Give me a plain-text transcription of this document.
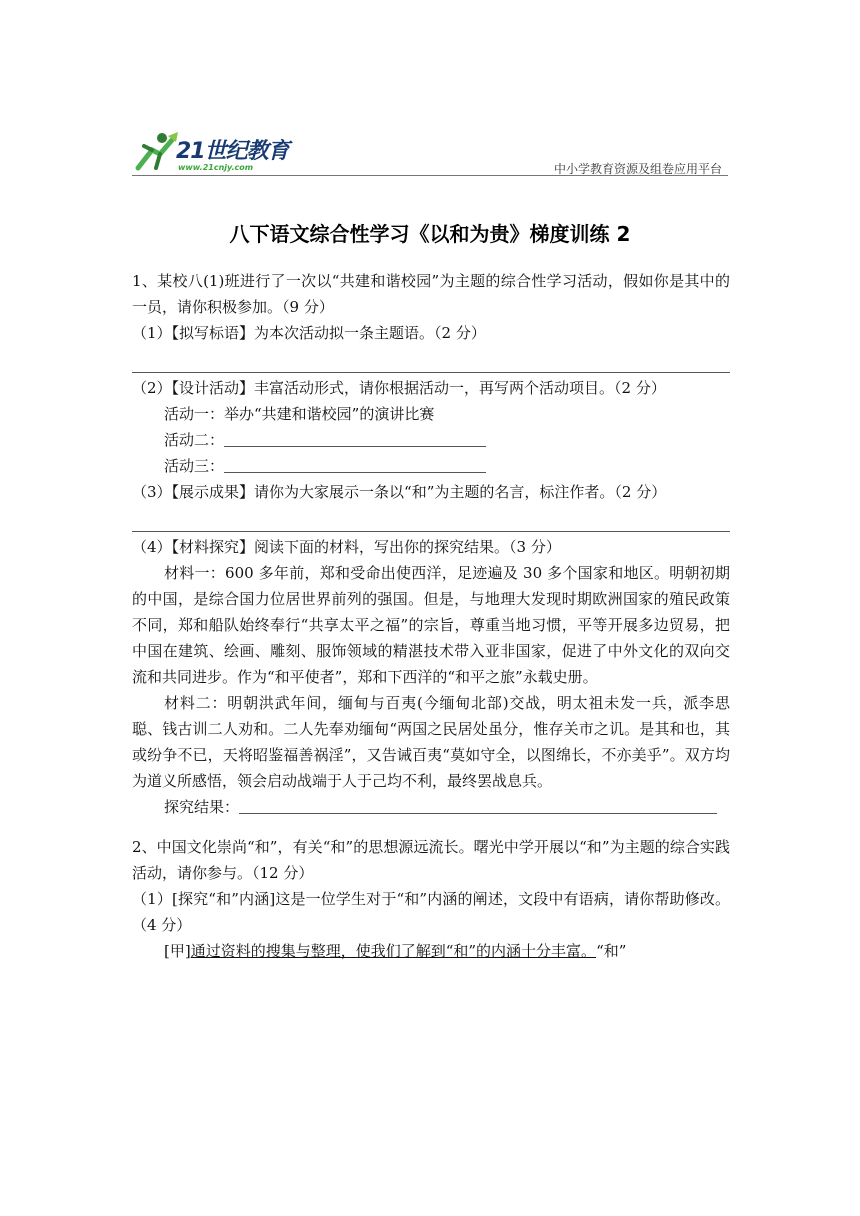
21世纪教育
www.21cnjy.com	中小学教育资源及组卷应用平台
八下语文综合性学习《以和为贵》梯度训练 2

1、某校八(1)班进行了一次以“共建和谐校园”为主题的综合性学习活动，假如你是其中的一员，请你积极参加。（9 分）

（1）【拟写标语】为本次活动拟一条主题语。（2 分）

（2）【设计活动】丰富活动形式，请你根据活动一，再写两个活动项目。（2 分）

活动一：举办“共建和谐校园”的演讲比赛

活动二：

活动三：

（3）【展示成果】请你为大家展示一条以“和”为主题的名言，标注作者。（2 分）

（4）【材料探究】阅读下面的材料，写出你的探究结果。（3 分）

材料一：600 多年前，郑和受命出使西洋，足迹遍及 30 多个国家和地区。明朝初期的中国，是综合国力位居世界前列的强国。但是，与地理大发现时期欧洲国家的殖民政策不同，郑和船队始终奉行“共享太平之福”的宗旨，尊重当地习惯，平等开展多边贸易，把中国在建筑、绘画、雕刻、服饰领域的精湛技术带入亚非国家，促进了中外文化的双向交流和共同进步。作为“和平使者”，郑和下西洋的“和平之旅”永载史册。

材料二：明朝洪武年间，缅甸与百夷(今缅甸北部)交战，明太祖未发一兵，派李思聪、钱古训二人劝和。二人先奉劝缅甸“两国之民居处虽分，惟存关市之讥。是其和也，其或纷争不已，天将昭鉴福善祸淫”，又告诫百夷“莫如守全，以图绵长，不亦美乎”。双方均为道义所感悟，领会启动战端于人于己均不利，最终罢战息兵。

探究结果：

2、中国文化崇尚“和”，有关“和”的思想源远流长。曙光中学开展以“和”为主题的综合实践活动，请你参与。（12 分）

（1）[探究“和”内涵]这是一位学生对于“和”内涵的阐述，文段中有语病，请你帮助修改。（4 分）

[甲]通过资料的搜集与整理，使我们了解到“和”的内涵十分丰富。“和”
